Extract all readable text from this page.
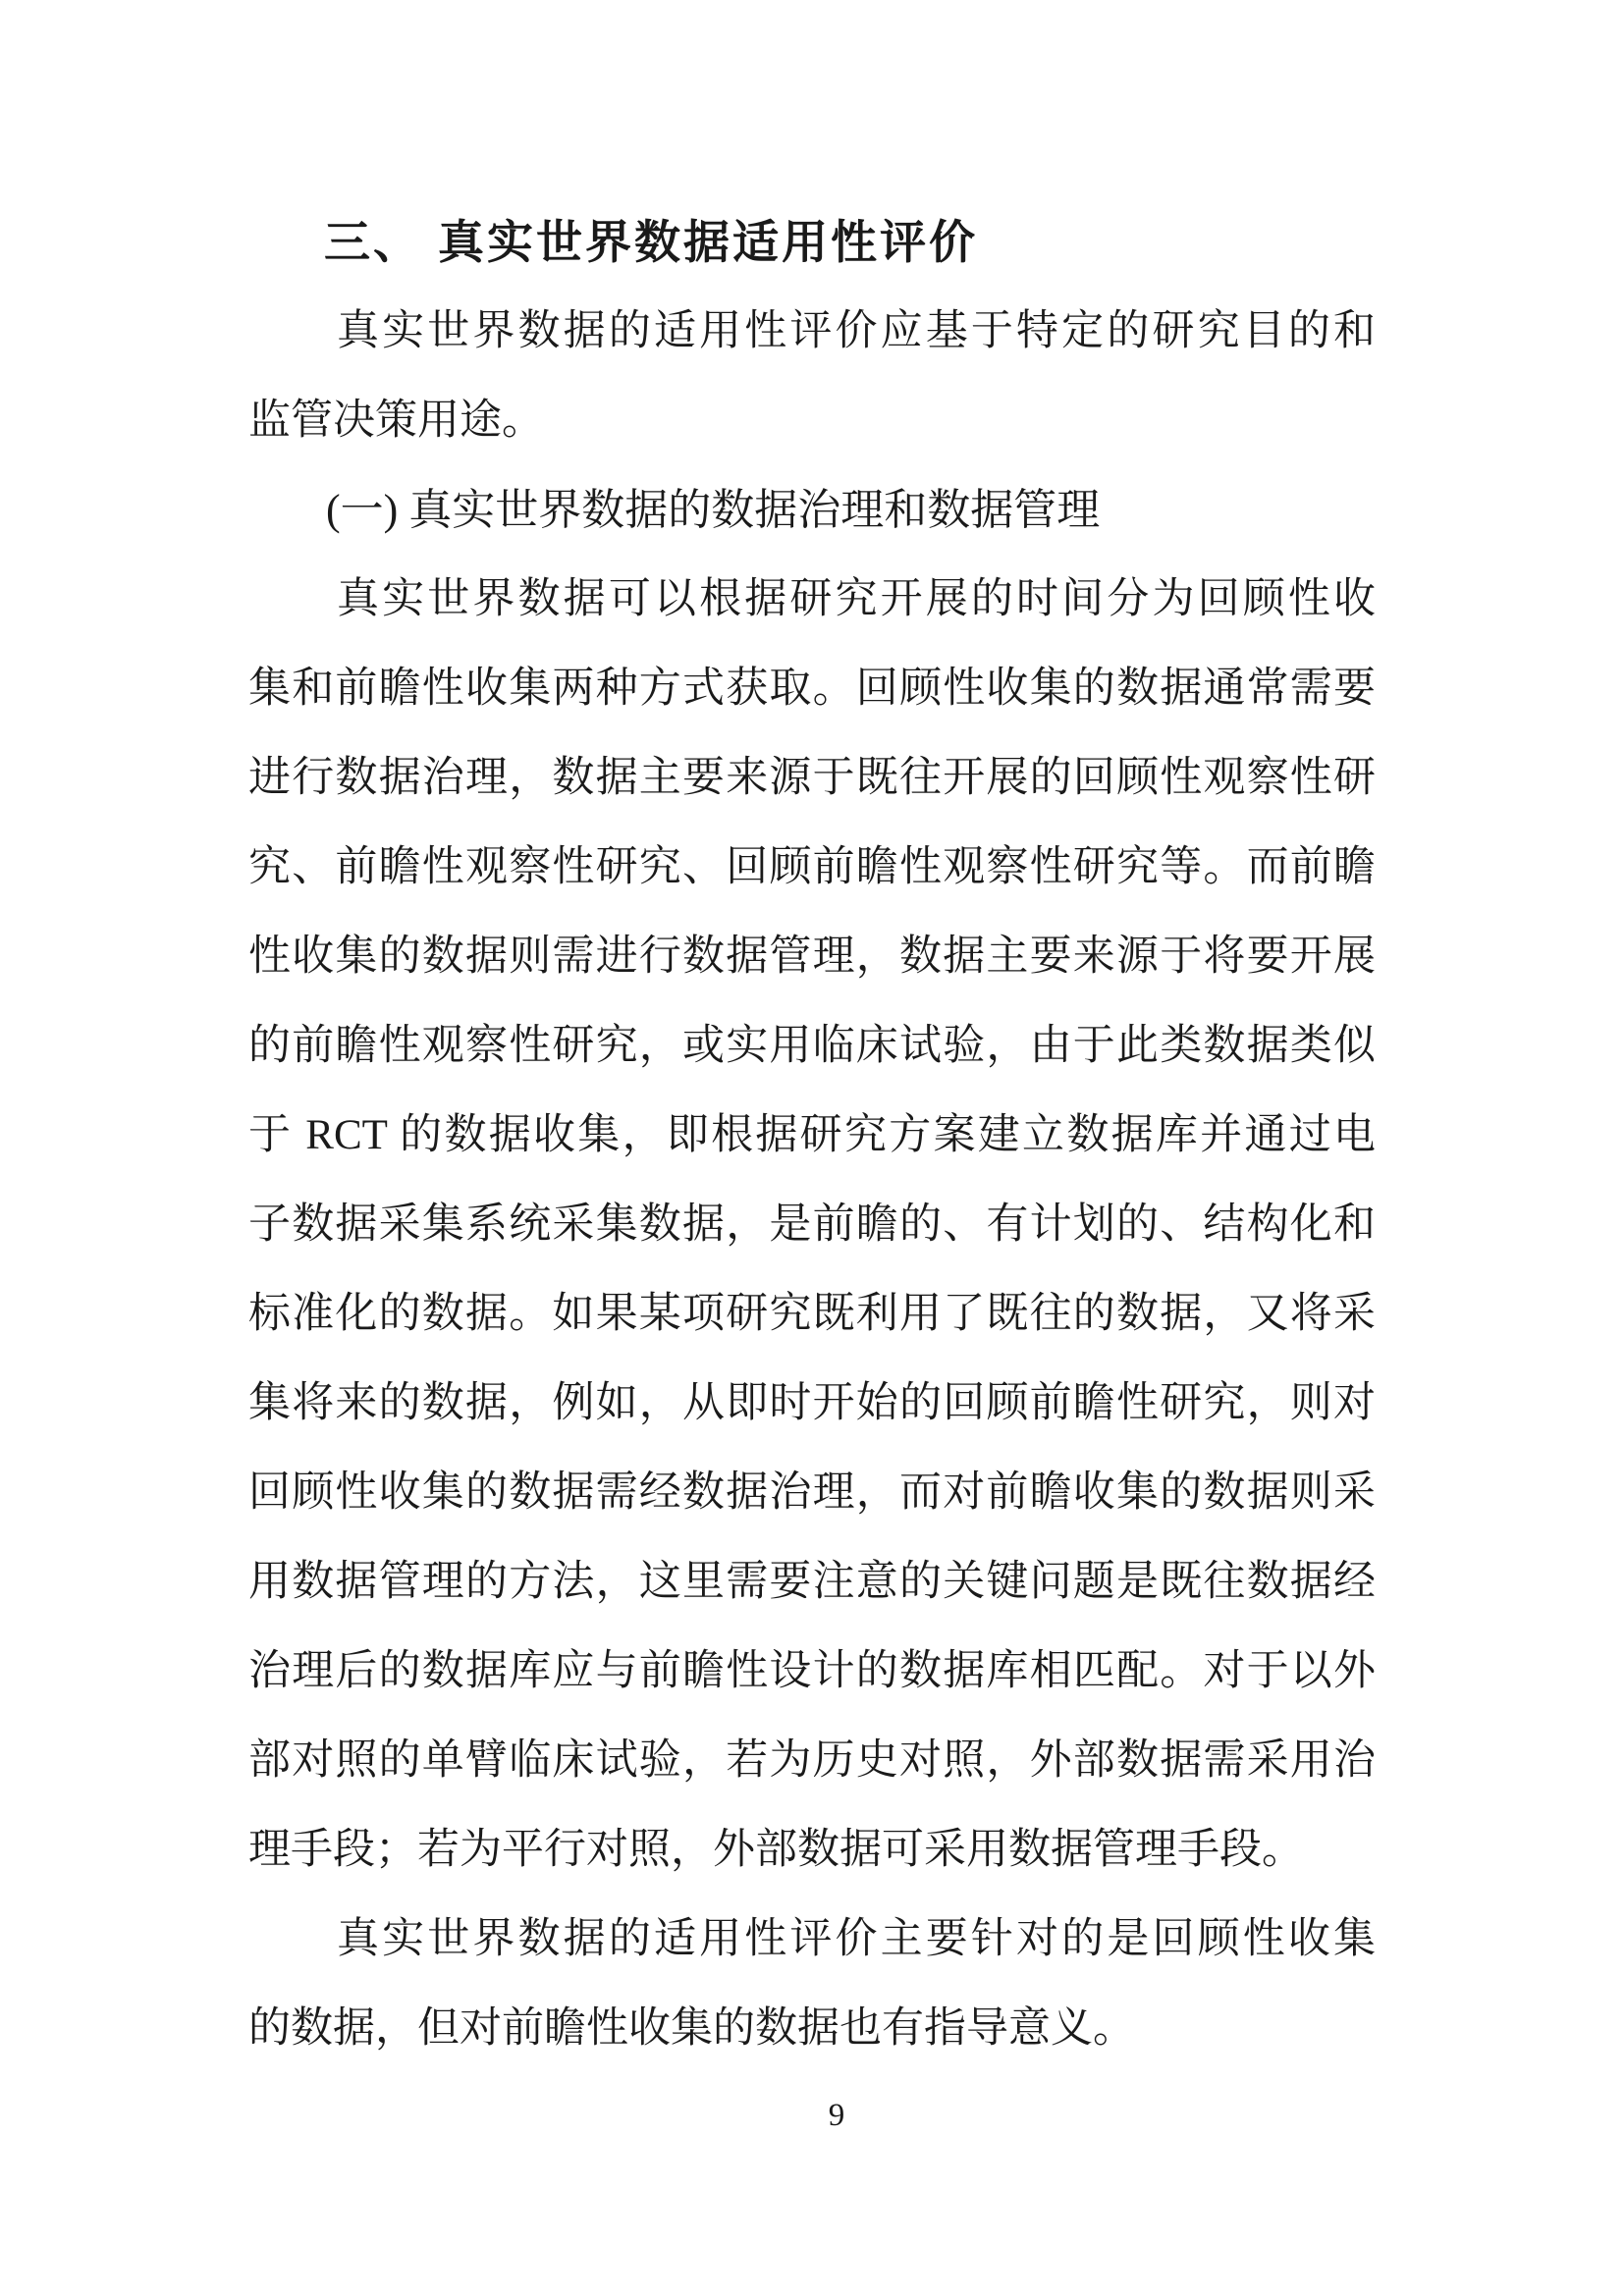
三、 真实世界数据适用性评价
真实世界数据的适用性评价应基于特定的研究目的和
监管决策用途。
(一) 真实世界数据的数据治理和数据管理
真实世界数据可以根据研究开展的时间分为回顾性收
集和前瞻性收集两种方式获取。回顾性收集的数据通常需要
进行数据治理，数据主要来源于既往开展的回顾性观察性研
究、前瞻性观察性研究、回顾前瞻性观察性研究等。而前瞻
性收集的数据则需进行数据管理，数据主要来源于将要开展
的前瞻性观察性研究，或实用临床试验，由于此类数据类似
于 RCT 的数据收集，即根据研究方案建立数据库并通过电
子数据采集系统采集数据，是前瞻的、有计划的、结构化和
标准化的数据。如果某项研究既利用了既往的数据，又将采
集将来的数据，例如，从即时开始的回顾前瞻性研究，则对
回顾性收集的数据需经数据治理，而对前瞻收集的数据则采
用数据管理的方法，这里需要注意的关键问题是既往数据经
治理后的数据库应与前瞻性设计的数据库相匹配。对于以外
部对照的单臂临床试验，若为历史对照，外部数据需采用治
理手段；若为平行对照，外部数据可采用数据管理手段。
真实世界数据的适用性评价主要针对的是回顾性收集
的数据，但对前瞻性收集的数据也有指导意义。
9
